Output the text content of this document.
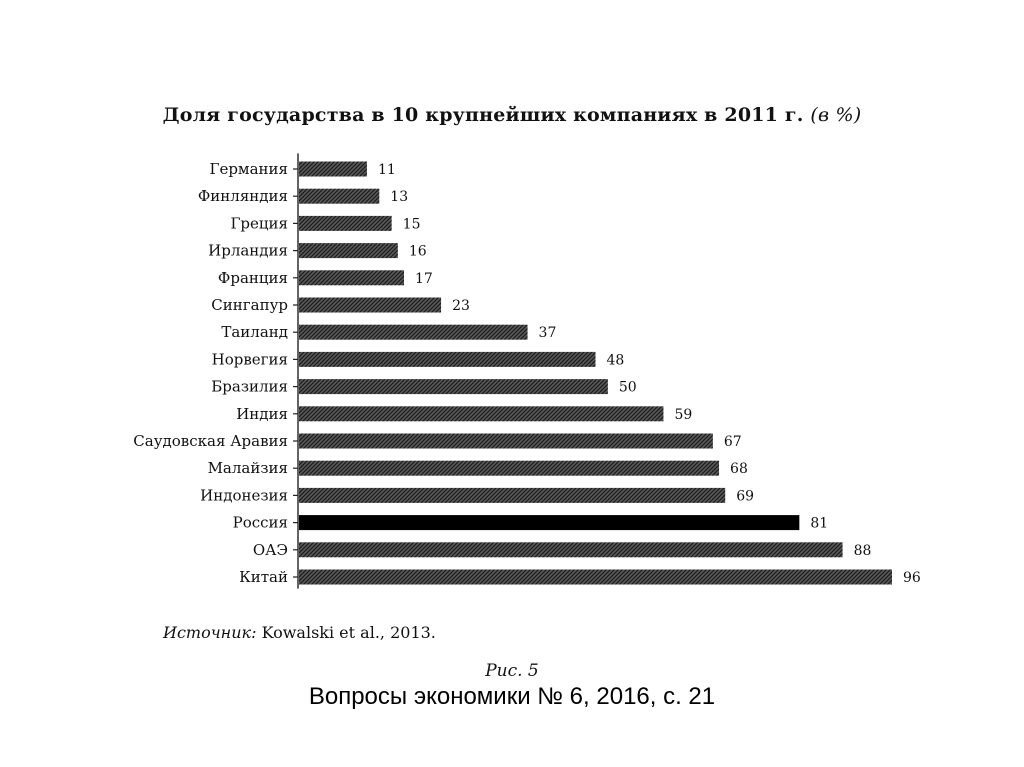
Доля государства в 10 крупнейших компаниях в 2011 г. (в %)
Германия
Финляндия
Греция
Ирландия
Франция
Сингапур
Таиланд
Норвегия
Бразилия
Индия
Саудовская Аравия
Малайзия
Индонезия
Россия
ОАЭ
Китай
11
13
15
16
17
23
37
48
50
59
67
68
69
81
88
96
Источник: Kowalski et al., 2013.
Рис. 5
Вопросы экономики № 6, 2016, с. 21
